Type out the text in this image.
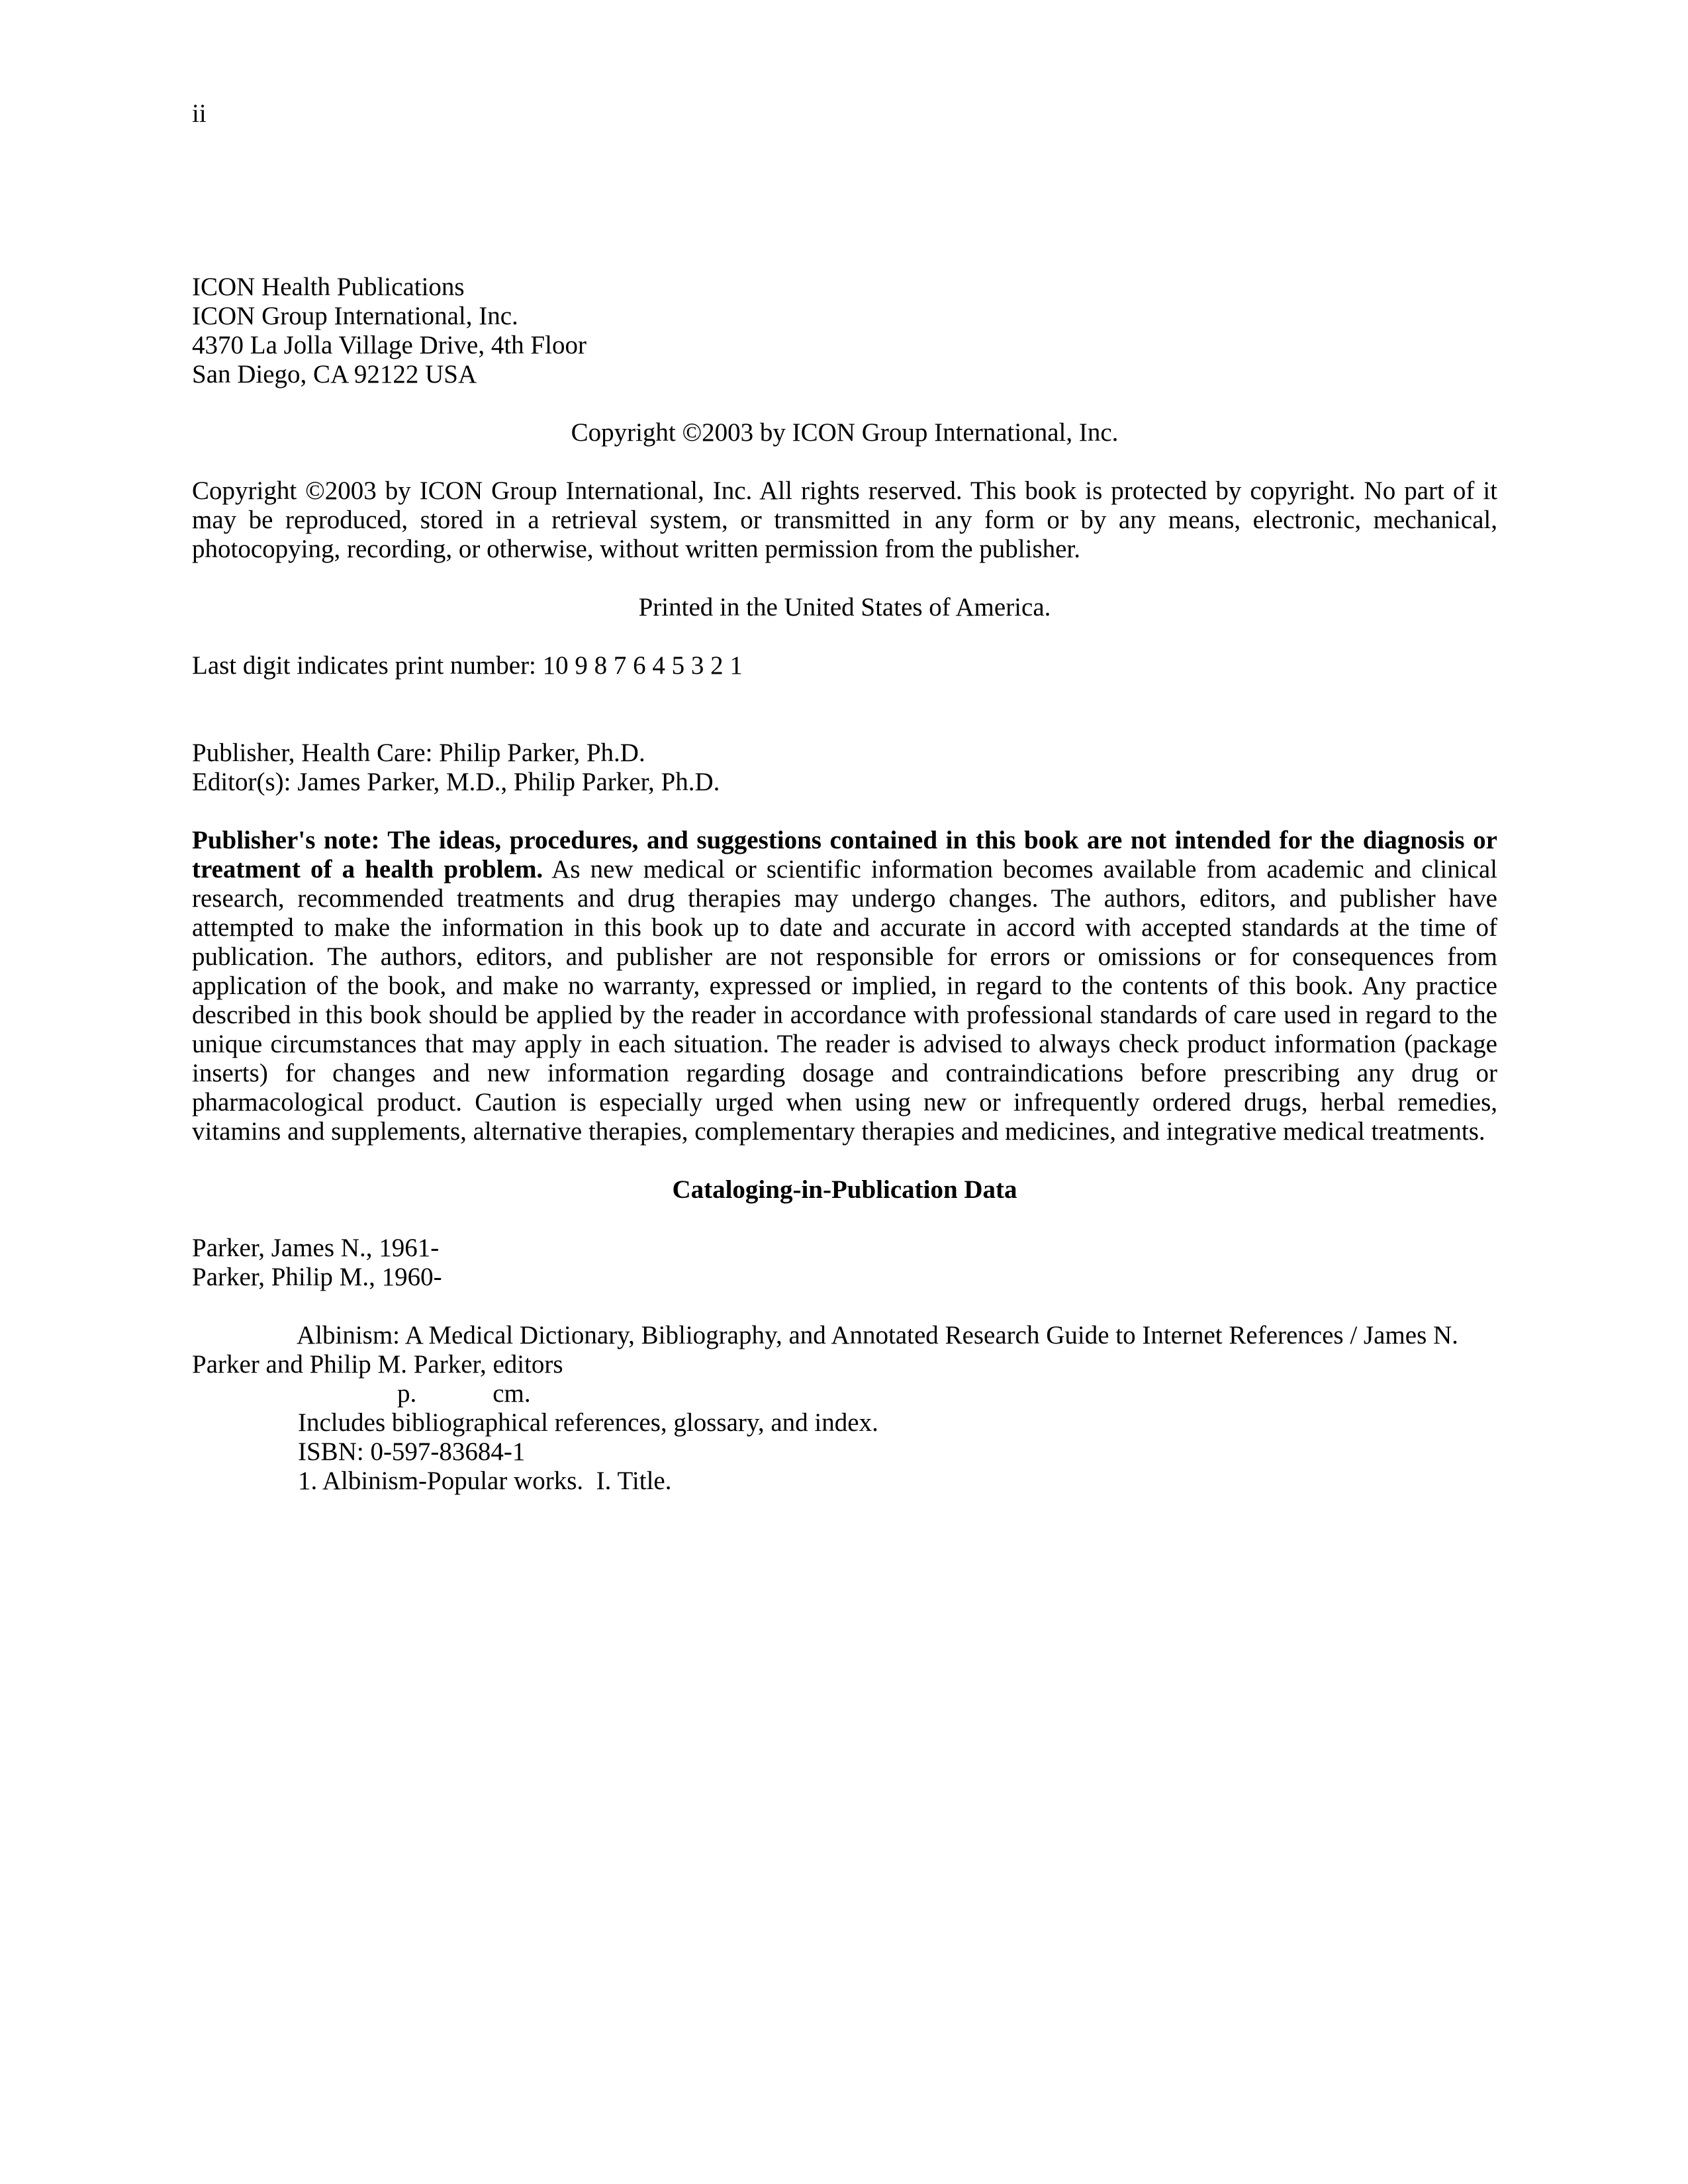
ii
ICON Health Publications
ICON Group International, Inc.
4370 La Jolla Village Drive, 4th Floor
San Diego, CA 92122 USA
Copyright ©2003 by ICON Group International, Inc.

Copyright ©2003 by ICON Group International, Inc. All rights reserved. This book is protected by copyright. No part of it may be reproduced, stored in a retrieval system, or transmitted in any form or by any means, electronic, mechanical, photocopying, recording, or otherwise, without written permission from the publisher.

Printed in the United States of America.
Last digit indicates print number: 10 9 8 7 6 4 5 3 2 1
Publisher, Health Care: Philip Parker, Ph.D.
Editor(s): James Parker, M.D., Philip Parker, Ph.D.

Publisher's note: The ideas, procedures, and suggestions contained in this book are not intended for the diagnosis or treatment of a health problem. As new medical or scientific information becomes available from academic and clinical research, recommended treatments and drug therapies may undergo changes. The authors, editors, and publisher have attempted to make the information in this book up to date and accurate in accord with accepted standards at the time of publication. The authors, editors, and publisher are not responsible for errors or omissions or for consequences from application of the book, and make no warranty, expressed or implied, in regard to the contents of this book. Any practice described in this book should be applied by the reader in accordance with professional standards of care used in regard to the unique circumstances that may apply in each situation. The reader is advised to always check product information (package inserts) for changes and new information regarding dosage and contraindications before prescribing any drug or pharmacological product. Caution is especially urged when using new or infrequently ordered drugs, herbal remedies, vitamins and supplements, alternative therapies, complementary therapies and medicines, and integrative medical treatments.

Cataloging-in-Publication Data
Parker, James N., 1961-
Parker, Philip M., 1960-

Albinism: A Medical Dictionary, Bibliography, and Annotated Research Guide to Internet References / James N. Parker and Philip M. Parker, editors

p.	cm.
Includes bibliographical references, glossary, and index.
ISBN: 0-597-83684-1
1. Albinism-Popular works.  I. Title.
